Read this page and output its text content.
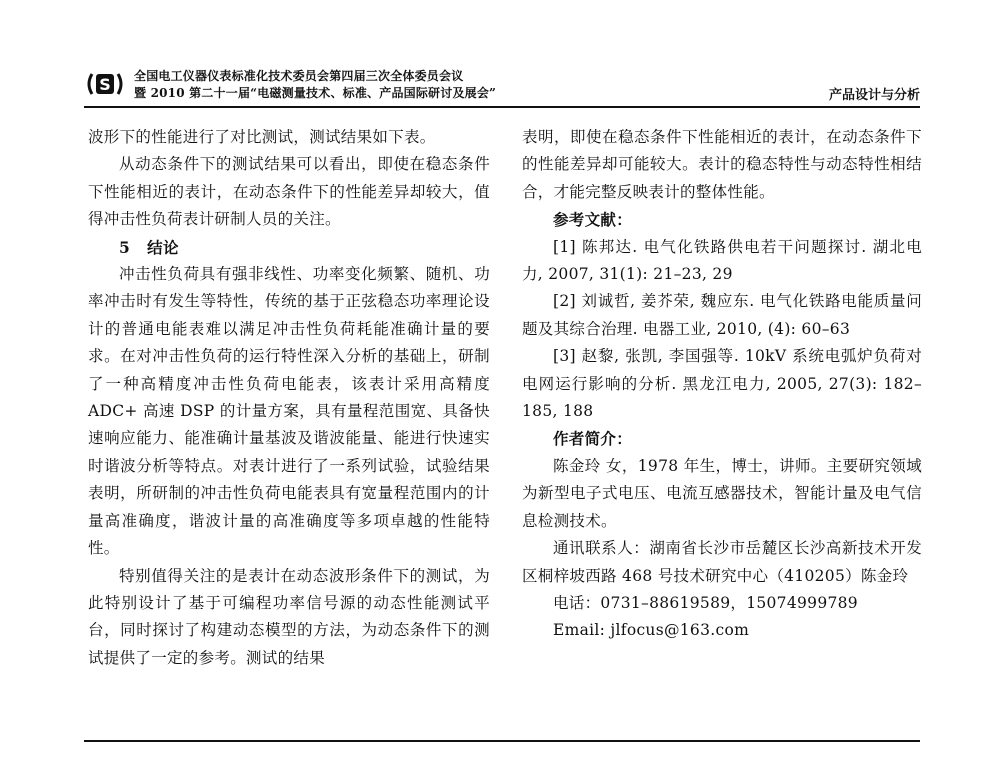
S 全国电工仪器仪表标准化技术委员会第四届三次全体委员会议
暨 2010 第二十一届“电磁测量技术、标准、产品国际研讨及展会”	产品设计与分析

波形下的性能进行了对比测试，测试结果如下表。

从动态条件下的测试结果可以看出，即使在稳态条件下性能相近的表计，在动态条件下的性能差异却较大，值得冲击性负荷表计研制人员的关注。

5 结论

冲击性负荷具有强非线性、功率变化频繁、随机、功率冲击时有发生等特性，传统的基于正弦稳态功率理论设计的普通电能表难以满足冲击性负荷耗能准确计量的要求。在对冲击性负荷的运行特性深入分析的基础上，研制了一种高精度冲击性负荷电能表，该表计采用高精度 ADC+ 高速 DSP 的计量方案，具有量程范围宽、具备快速响应能力、能准确计量基波及谐波能量、能进行快速实时谐波分析等特点。对表计进行了一系列试验，试验结果表明，所研制的冲击性负荷电能表具有宽量程范围内的计量高准确度，谐波计量的高准确度等多项卓越的性能特性。

特别值得关注的是表计在动态波形条件下的测试，为此特别设计了基于可编程功率信号源的动态性能测试平台，同时探讨了构建动态模型的方法，为动态条件下的测试提供了一定的参考。测试的结果

表明，即使在稳态条件下性能相近的表计，在动态条件下的性能差异却可能较大。表计的稳态特性与动态特性相结合，才能完整反映表计的整体性能。

参考文献：

[1] 陈邦达. 电气化铁路供电若干问题探讨. 湖北电力, 2007, 31(1): 21–23, 29

[2] 刘诚哲, 姜芥荣, 魏应东. 电气化铁路电能质量问题及其综合治理. 电器工业, 2010, (4): 60–63

[3] 赵黎, 张凯, 李国强等. 10kV 系统电弧炉负荷对电网运行影响的分析. 黑龙江电力, 2005, 27(3): 182–185, 188

作者简介：

陈金玲 女，1978 年生，博士，讲师。主要研究领域为新型电子式电压、电流互感器技术，智能计量及电气信息检测技术。

通讯联系人：湖南省长沙市岳麓区长沙高新技术开发区桐梓坡西路 468 号技术研究中心（410205）陈金玲

电话：0731–88619589，15074999789

Email: jlfocus@163.com
